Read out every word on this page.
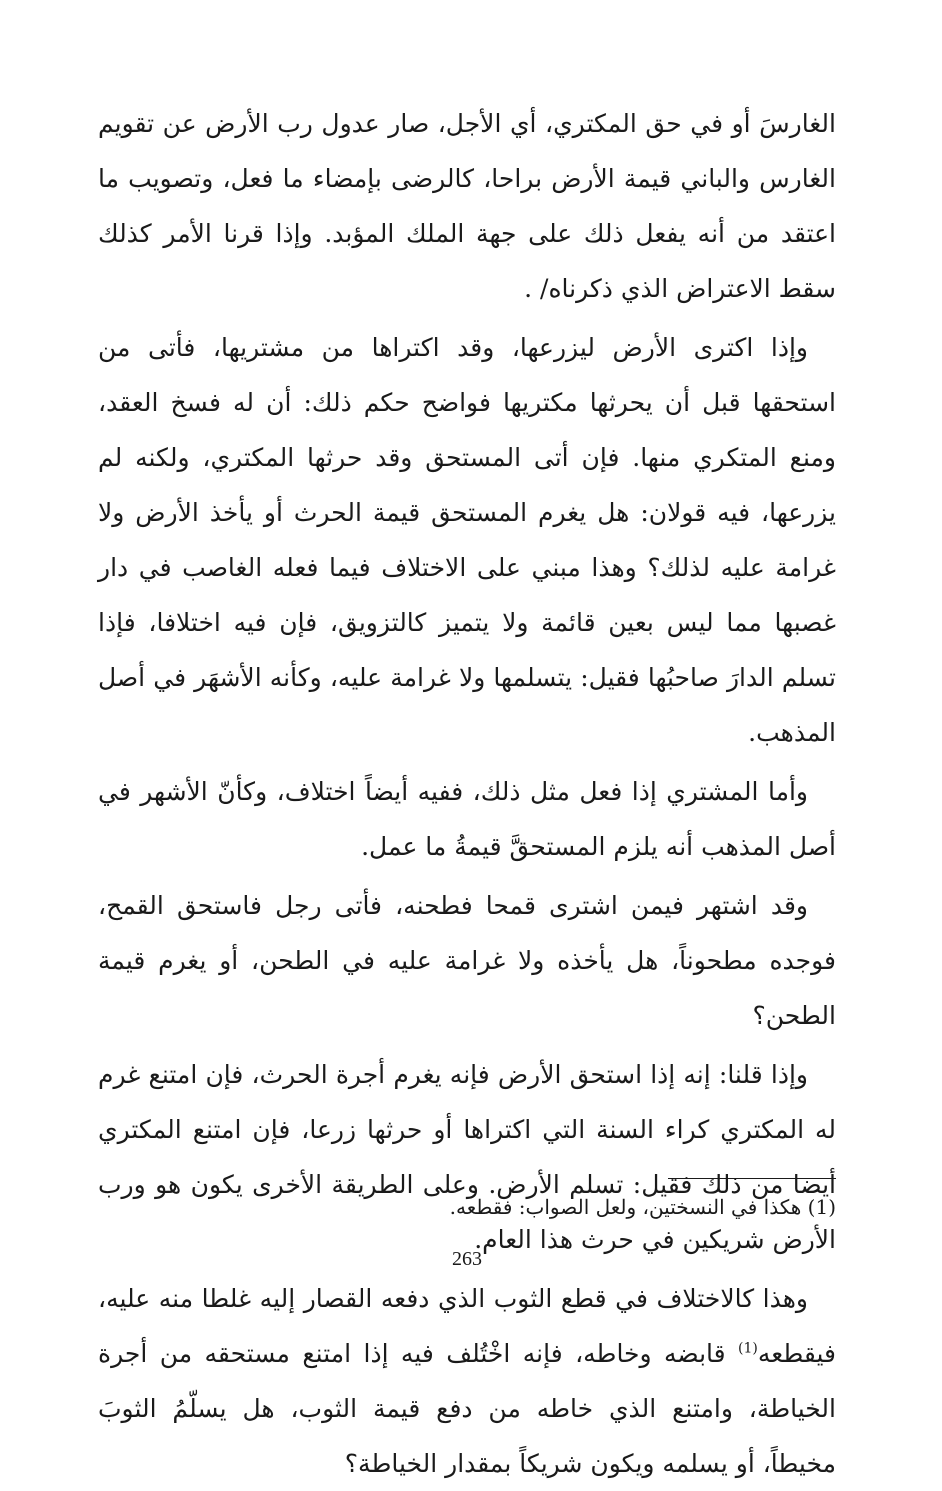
الغارسَ أو في حق المكتري، أي الأجل، صار عدول رب الأرض عن تقويم الغارس والباني قيمة الأرض براحا، كالرضى بإمضاء ما فعل، وتصويب ما اعتقد من أنه يفعل ذلك على جهة الملك المؤبد. وإذا قرنا الأمر كذلك سقط الاعتراض الذي ذكرناه/ .

وإذا اكترى الأرض ليزرعها، وقد اكتراها من مشتريها، فأتى من استحقها قبل أن يحرثها مكتريها فواضح حكم ذلك: أن له فسخ العقد، ومنع المتكري منها. فإن أتى المستحق وقد حرثها المكتري، ولكنه لم يزرعها، فيه قولان: هل يغرم المستحق قيمة الحرث أو يأخذ الأرض ولا غرامة عليه لذلك؟ وهذا مبني على الاختلاف فيما فعله الغاصب في دار غصبها مما ليس بعين قائمة ولا يتميز كالتزويق، فإن فيه اختلافا، فإذا تسلم الدارَ صاحبُها فقيل: يتسلمها ولا غرامة عليه، وكأنه الأشهَر في أصل المذهب.

وأما المشتري إذا فعل مثل ذلك، ففيه أيضاً اختلاف، وكأنّ الأشهر في أصل المذهب أنه يلزم المستحقَّ قيمةُ ما عمل.

وقد اشتهر فيمن اشترى قمحا فطحنه، فأتى رجل فاستحق القمح، فوجده مطحوناً، هل يأخذه ولا غرامة عليه في الطحن، أو يغرم قيمة الطحن؟

وإذا قلنا: إنه إذا استحق الأرض فإنه يغرم أجرة الحرث، فإن امتنع غرم له المكتري كراء السنة التي اكتراها أو حرثها زرعا، فإن امتنع المكتري أيضا من ذلك فقيل: تسلم الأرض. وعلى الطريقة الأخرى يكون هو ورب الأرض شريكين في حرث هذا العام.

وهذا كالاختلاف في قطع الثوب الذي دفعه القصار إليه غلطا منه عليه، فيقطعه$^{(1)}$ قابضه وخاطه، فإنه اخْتُلف فيه إذا امتنع مستحقه من أجرة الخياطة، وامتنع الذي خاطه من دفع قيمة الثوب، هل يسلّمُ الثوبَ مخيطاً، أو يسلمه ويكون شريكاً بمقدار الخياطة؟

(1) هكذا في النسختين، ولعل الصواب: فقطعه.
263
